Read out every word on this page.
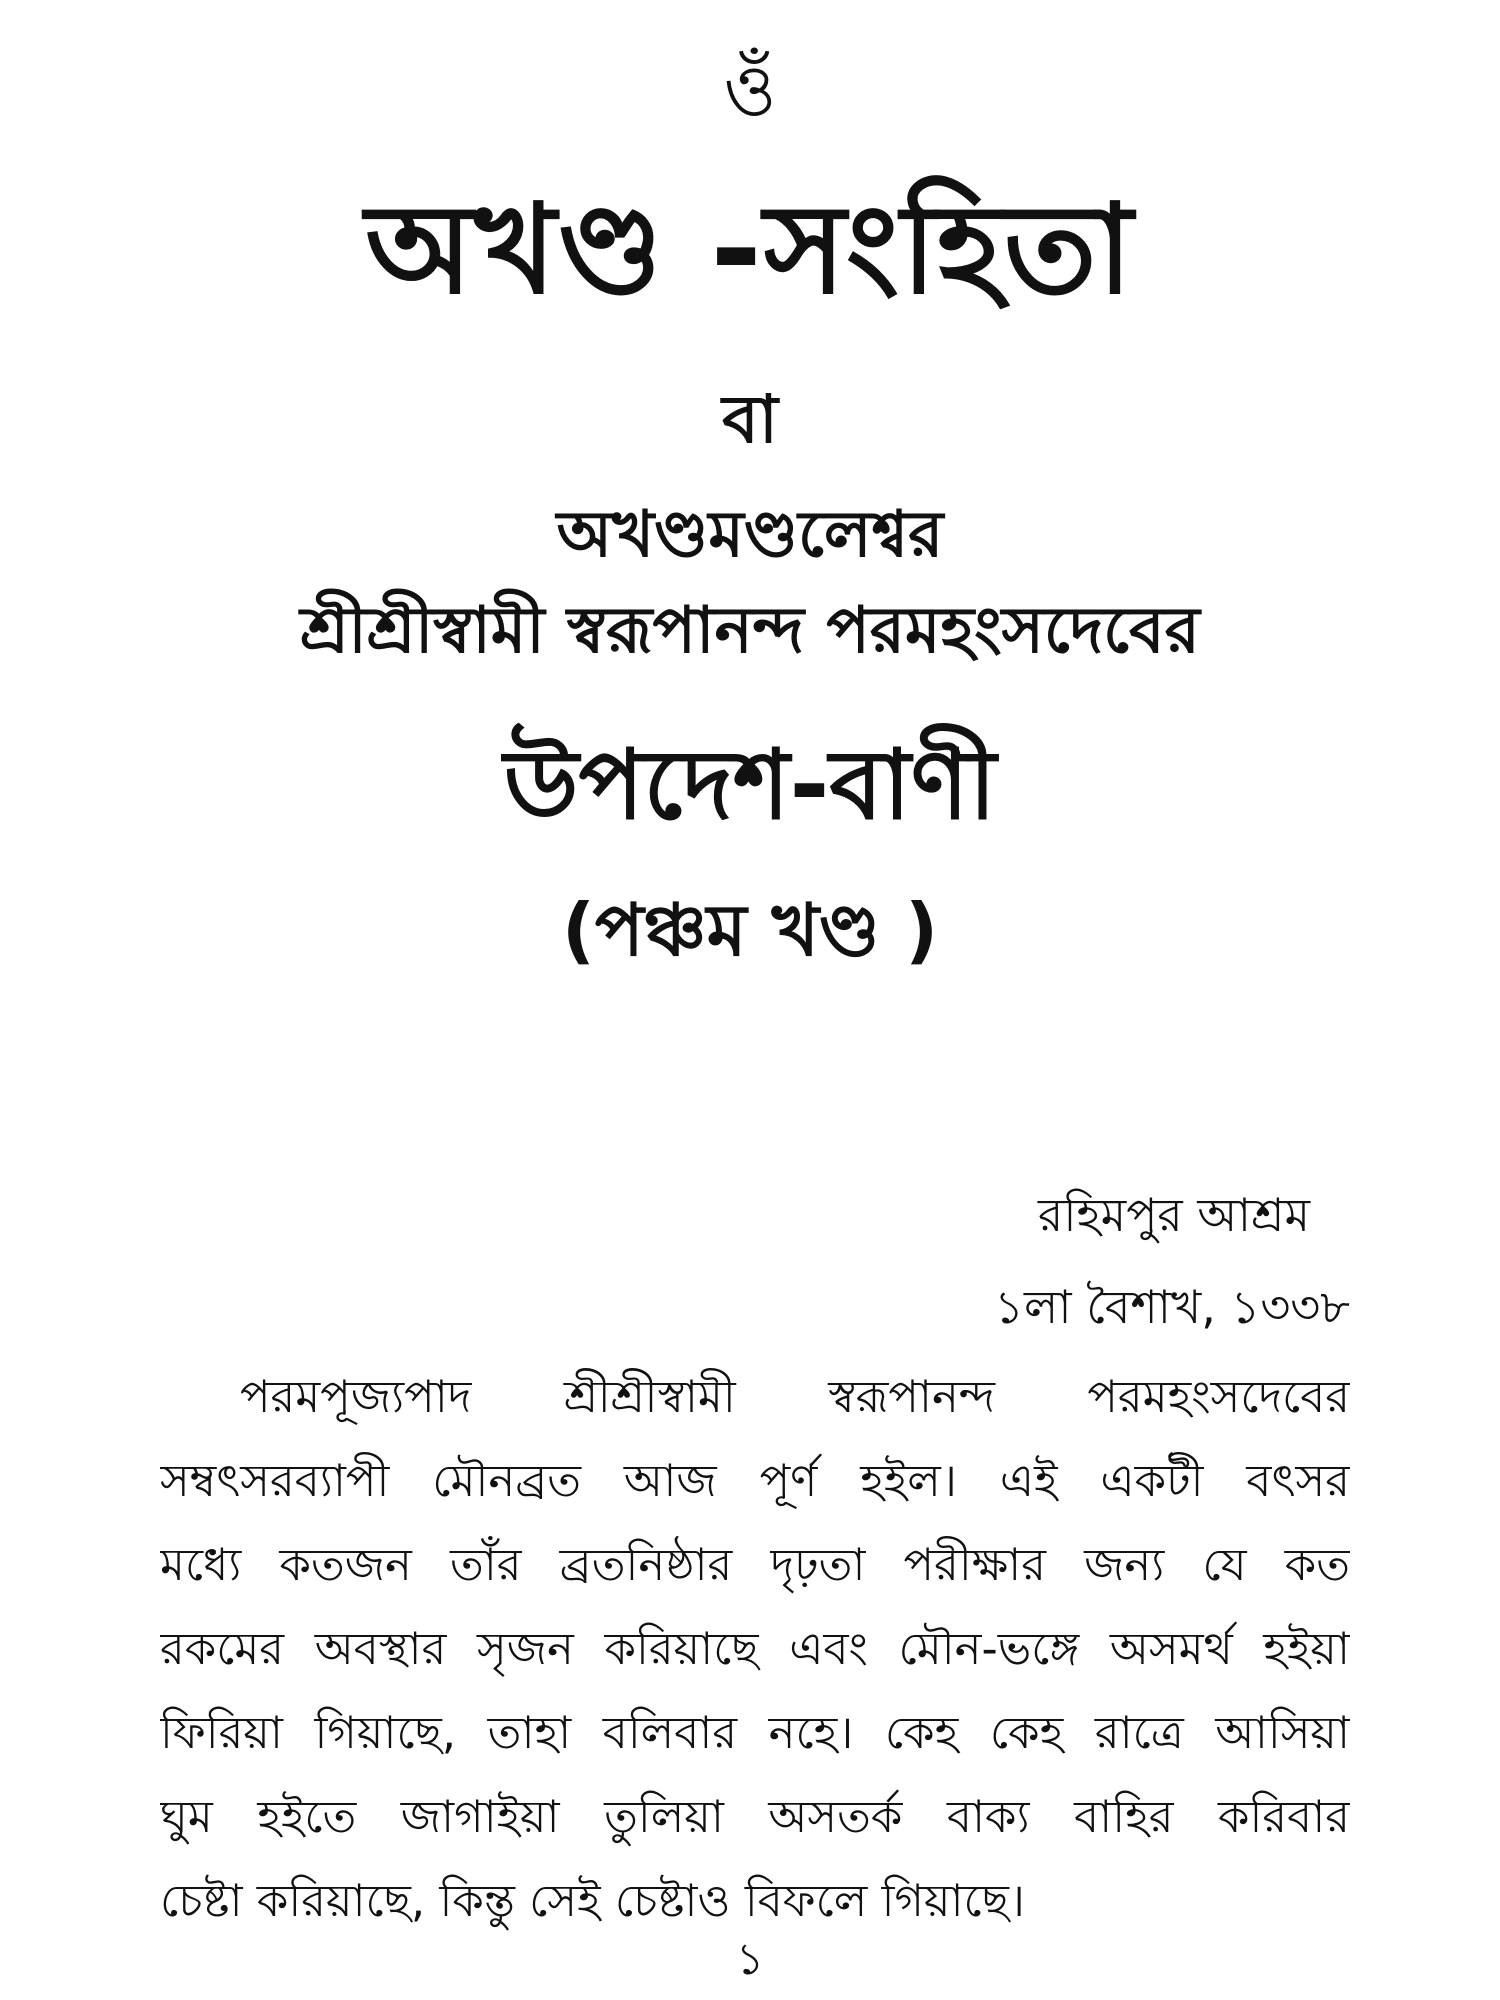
ওঁ
অখণ্ড -সংহিতা
বা
অখণ্ডমণ্ডলেশ্বর
শ্রীশ্রীস্বামী স্বরূপানন্দ পরমহংসদেবের
উপদেশ-বাণী
(পঞ্চম খণ্ড )
রহিমপুর আশ্রম
১লা বৈশাখ, ১৩৩৮
পরমপূজ্যপাদ শ্রীশ্রীস্বামী স্বরূপানন্দ পরমহংসদেবের
সম্বৎসরব্যাপী মৌনব্রত আজ পূর্ণ হইল। এই একটী বৎসর
মধ্যে কতজন তাঁর ব্রতনিষ্ঠার দৃঢ়তা পরীক্ষার জন্য যে কত
রকমের অবস্থার সৃজন করিয়াছে এবং মৌন-ভঙ্গে অসমর্থ হইয়া
ফিরিয়া গিয়াছে, তাহা বলিবার নহে। কেহ কেহ রাত্রে আসিয়া
ঘুম হইতে জাগাইয়া তুলিয়া অসতর্ক বাক্য বাহির করিবার
চেষ্টা করিয়াছে, কিন্তু সেই চেষ্টাও বিফলে গিয়াছে।
১
